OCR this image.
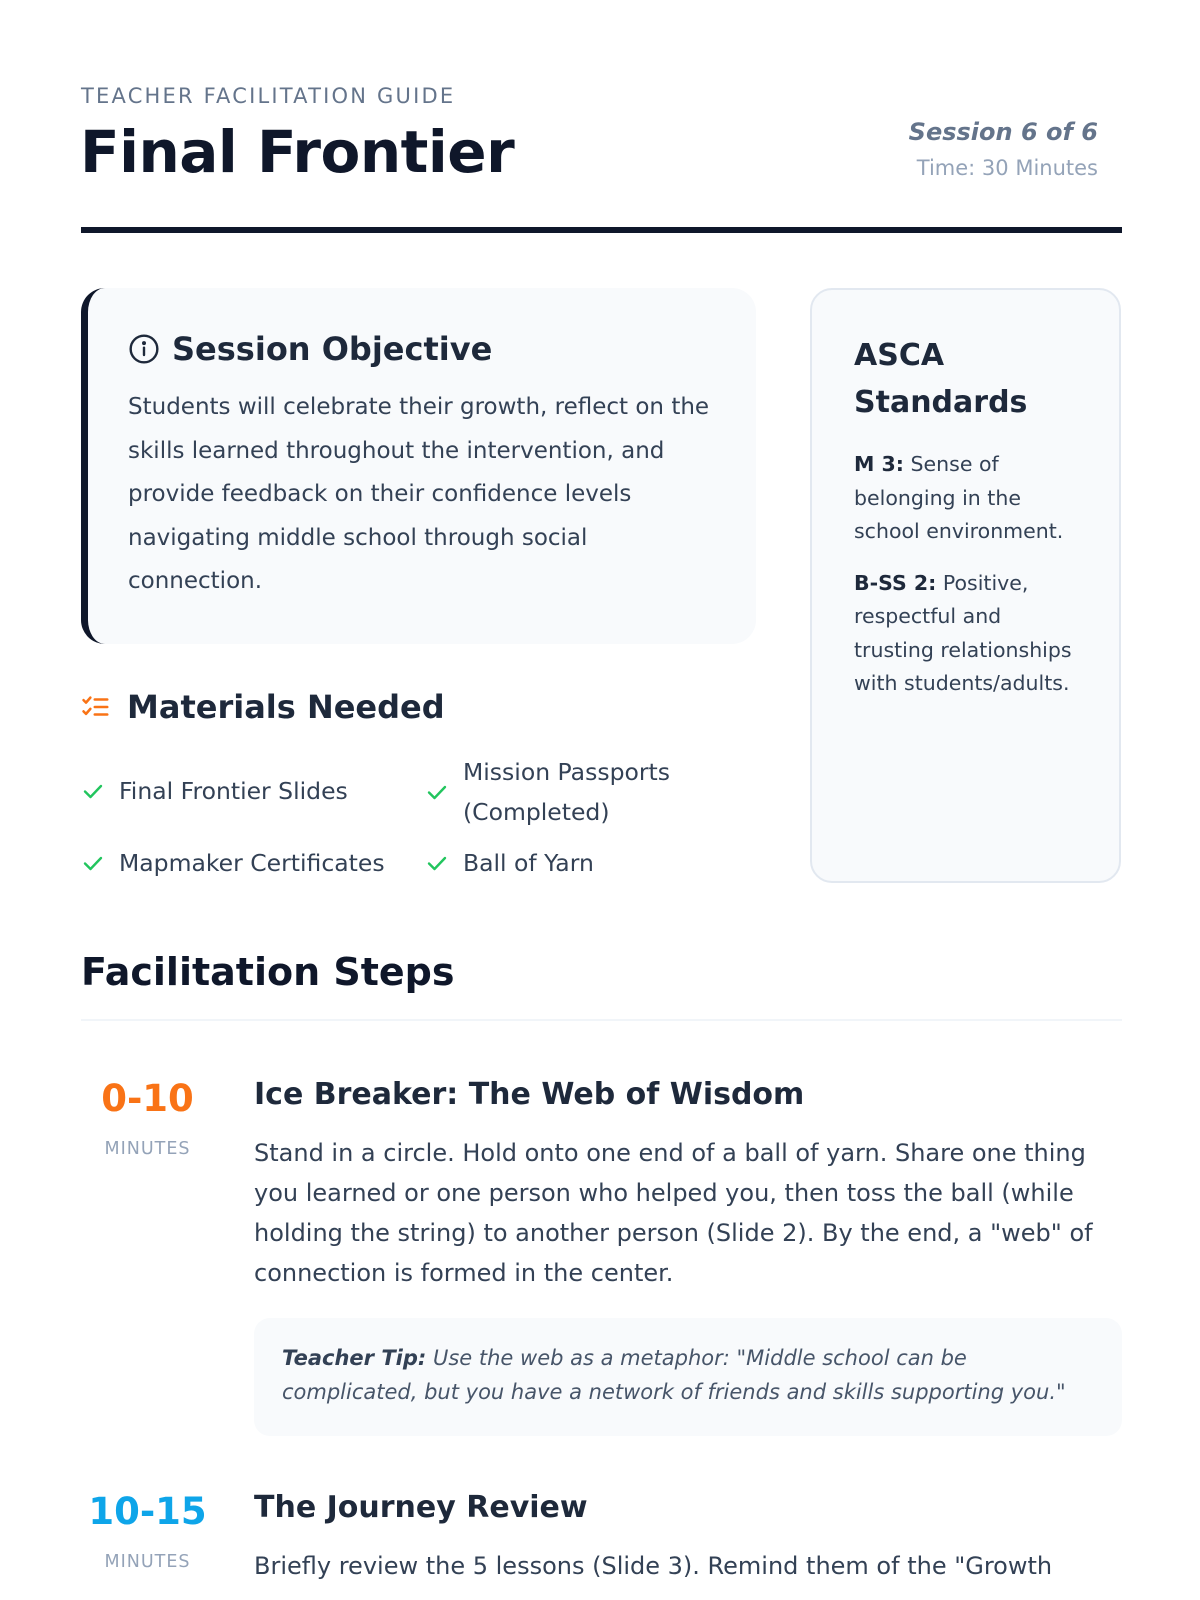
TEACHER FACILITATION GUIDE
Final Frontier	Session 6 of 6
Time: 30 Minutes
Session Objective

Students will celebrate their growth, reflect on the skills learned throughout the intervention, and provide feedback on their confidence levels navigating middle school through social connection.

ASCA Standards

M 3: Sense of belonging in the school environment.

B-SS 2: Positive, respectful and trusting relationships with students/adults.

Materials Needed
Final Frontier Slides
Mission Passports (Completed)
Mapmaker Certificates	Ball of Yarn
Facilitation Steps
0-10
MINUTES
Ice Breaker: The Web of Wisdom

Stand in a circle. Hold onto one end of a ball of yarn. Share one thing you learned or one person who helped you, then toss the ball (while holding the string) to another person (Slide 2). By the end, a "web" of connection is formed in the center.

Teacher Tip: Use the web as a metaphor: "Middle school can be complicated, but you have a network of friends and skills supporting you."
10-15
MINUTES
The Journey Review

Briefly review the 5 lessons (Slide 3). Remind them of the "Growth
